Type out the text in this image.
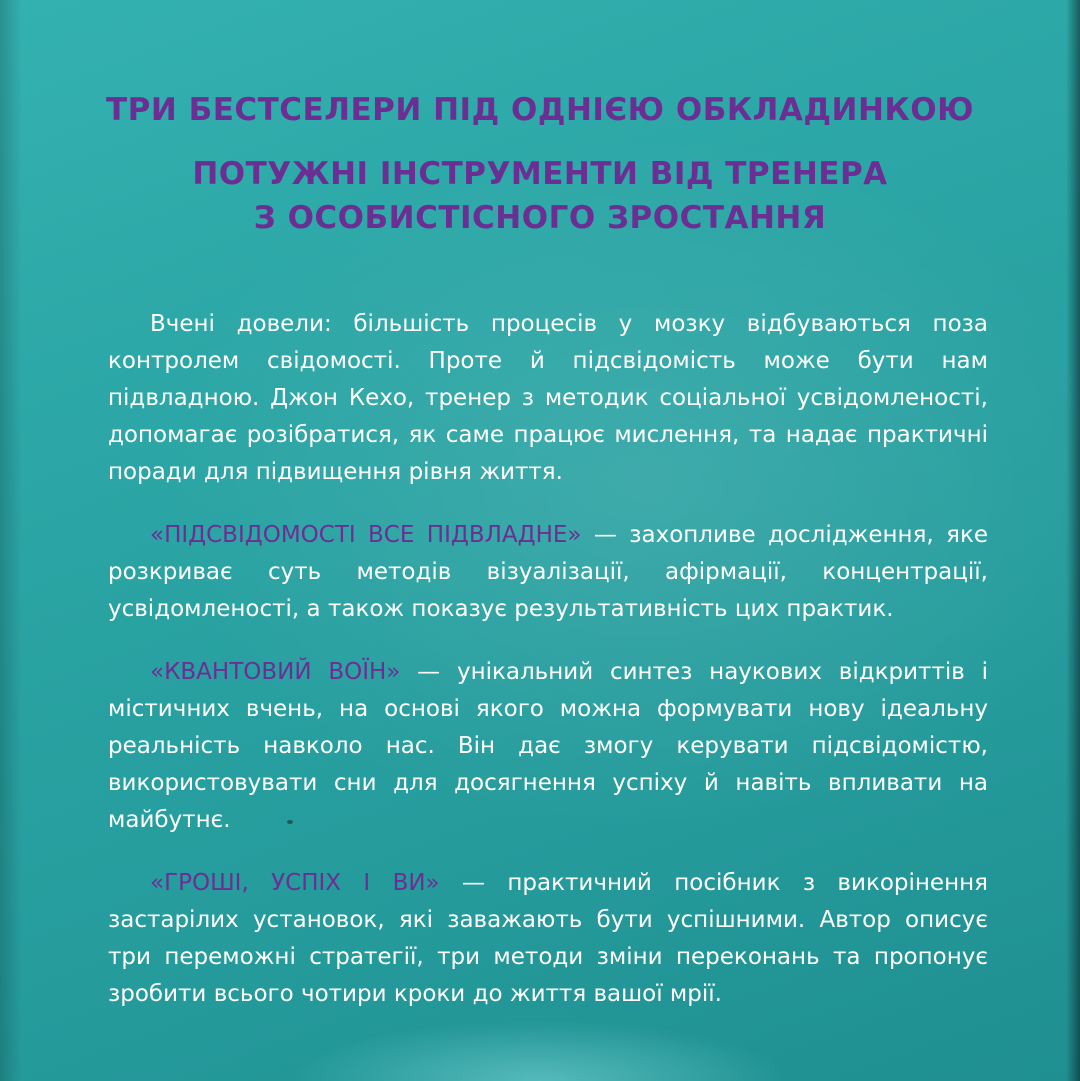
ТРИ БЕСТСЕЛЕРИ ПІД ОДНІЄЮ ОБКЛАДИНКОЮ

ПОТУЖНІ ІНСТРУМЕНТИ ВІД ТРЕНЕРА

З ОСОБИСТІСНОГО ЗРОСТАННЯ

Вчені довели: більшість процесів у мозку відбуваються поза контролем свідомості. Проте й підсвідомість може бути нам підвладною. Джон Кехо, тренер з методик соціальної усвідомленості, допомагає розібратися, як саме працює мислення, та надає практичні поради для підвищення рівня життя.

«ПІДСВІДОМОСТІ ВСЕ ПІДВЛАДНЕ» — захопливе дослідження, яке розкриває суть методів візуалізації, афірмації, концентрації, усвідомленості, а також показує результативність цих практик.

«КВАНТОВИЙ ВОЇН» — унікальний синтез наукових відкриттів і містичних вчень, на основі якого можна формувати нову ідеальну реальність навколо нас. Він дає змогу керувати підсвідомістю, використовувати сни для досягнення успіху й навіть впливати на майбутнє.

«ГРОШІ, УСПІХ І ВИ» — практичний посібник з викорінення застарілих установок, які заважають бути успішними. Автор описує три переможні стратегії, три методи зміни переконань та пропонує зробити всього чотири кроки до життя вашої мрії.
